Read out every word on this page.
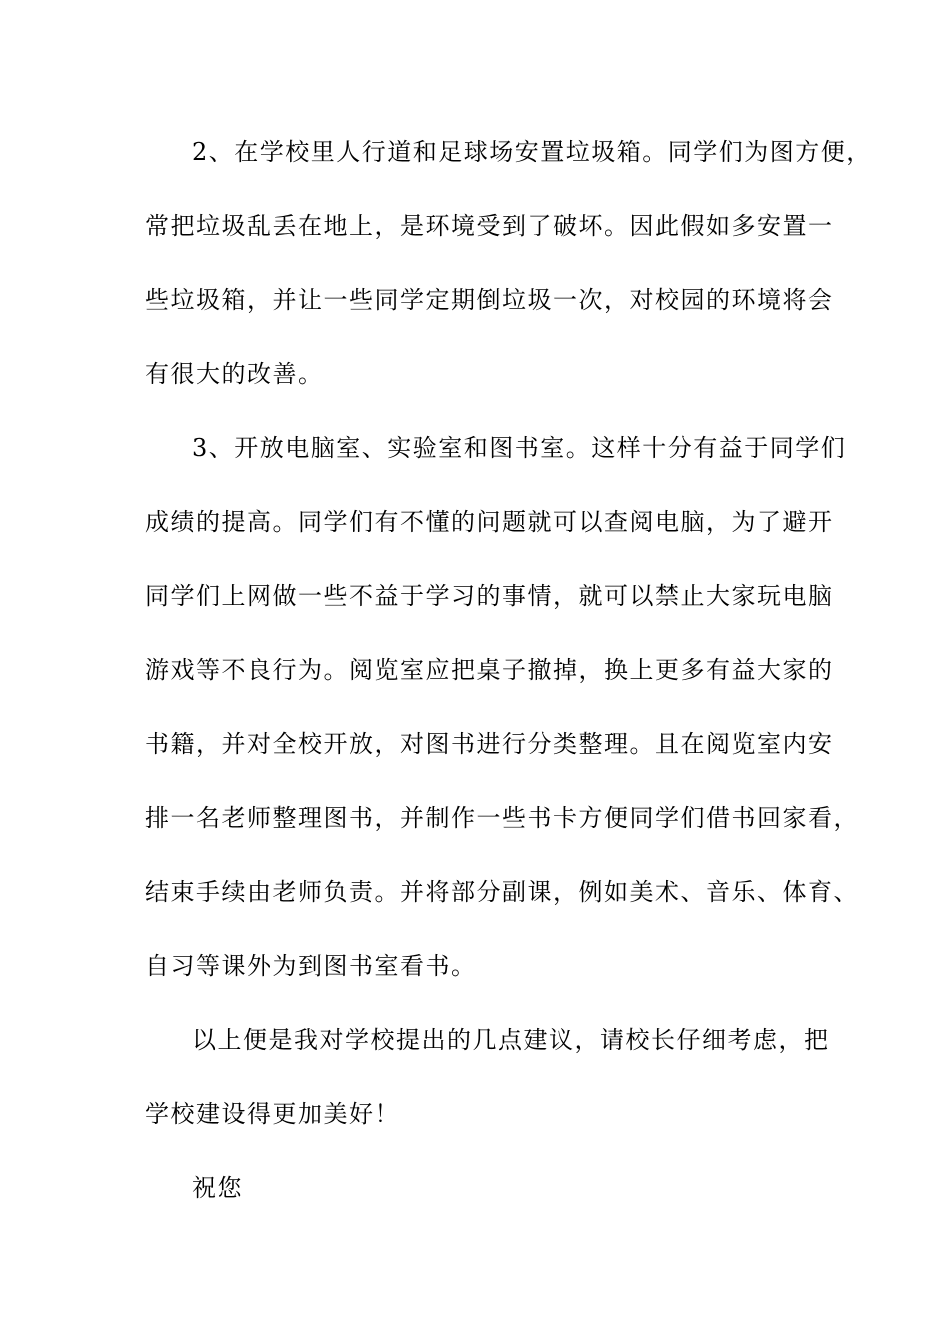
2、在学校里人行道和足球场安置垃圾箱。同学们为图方便，
常把垃圾乱丢在地上，是环境受到了破坏。因此假如多安置一
些垃圾箱，并让一些同学定期倒垃圾一次，对校园的环境将会
有很大的改善。
3、开放电脑室、实验室和图书室。这样十分有益于同学们
成绩的提高。同学们有不懂的问题就可以查阅电脑，为了避开
同学们上网做一些不益于学习的事情，就可以禁止大家玩电脑
游戏等不良行为。阅览室应把桌子撤掉，换上更多有益大家的
书籍，并对全校开放，对图书进行分类整理。且在阅览室内安
排一名老师整理图书，并制作一些书卡方便同学们借书回家看，
结束手续由老师负责。并将部分副课，例如美术、音乐、体育、
自习等课外为到图书室看书。
以上便是我对学校提出的几点建议，请校长仔细考虑，把
学校建设得更加美好！
祝您
